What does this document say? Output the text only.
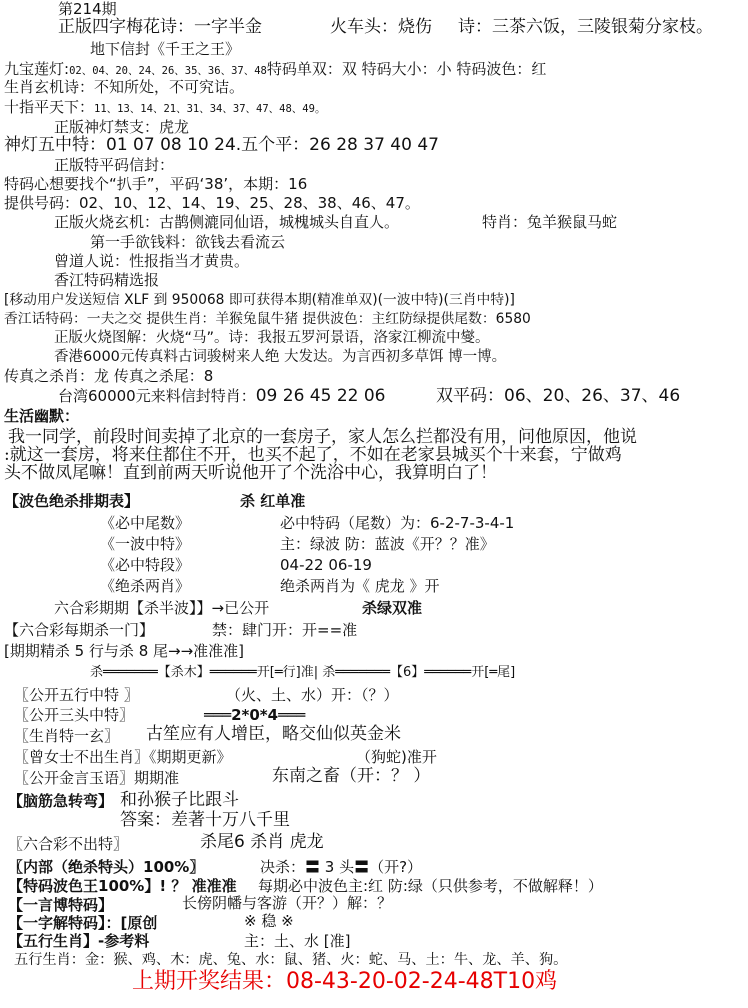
第214期
正版四字梅花诗：一字半金	火车头：烧伤 诗：三茶六饭，三陵银菊分家枝。
地下信封《千王之王》
九宝莲灯:02、04、20、24、26、35、36、37、48特码单双：双 特码大小：小 特码波色：红
生肖玄机诗：不知所处，不可究诘。
十指平天下：11、13、14、21、31、34、37、47、48、49。
正版神灯禁支：虎龙
神灯五中特：01 07 08 10 24.五个平：26 28 37 40 47
正版特平码信封：
特码心想要找个“扒手”，平码‘38’，本期：16
提供号码：02、10、12、14、19、25、28、38、46、47。
正版火烧玄机：古鹊侧漉同仙语，城槐城头自直人。	特肖：兔羊猴鼠马蛇
第一手欲钱料：欲钱去看流云
曾道人说：性报指当才黄贵。
香江特码精选报
[移动用户发送短信 XLF 到 950068 即可获得本期(精准单双)(一波中特)(三肖中特)]
香江话特码：一夫之交 提供生肖：羊猴兔鼠牛猪 提供波色：主红防绿提供尾数：6580
正版火烧图解：火烧“马”。诗：我报五罗河景语，洛家江柳流中燮。
香港6000元传真料古词骏树来人绝 大发达。为言西初多草饵 博一博。
传真之杀肖：龙 传真之杀尾：8
台湾60000元来料信封特肖：09 26 45 22 06	双平码：06、20、26、37、46
生活幽默：
我一同学，前段时间卖掉了北京的一套房子，家人怎么拦都没有用，问他原因，他说
:就这一套房，将来住都住不开，也买不起了，不如在老家县城买个十来套，宁做鸡
头不做凤尾嘛！直到前两天听说他开了个洗浴中心，我算明白了！
【波色绝杀排期表】	杀 红单准
《必中尾数》	必中特码（尾数）为：6-2-7-3-4-1
《一波中特》	主：绿波 防：蓝波《开？？准》
《必中特段》	04-22 06-19
《绝杀两肖》	绝杀两肖为《 虎龙 》开
六合彩期期【杀半波】】→已公开	杀绿双准
【六合彩每期杀一门】	禁：肆门开：开==准
[期期精杀 5 行与杀 8 尾→→准准准]
杀═══════【杀木】══════开[═行]准| 杀═══════【6】══════开[═尾]
〖公开五行中特 〗	（火、土、水）开：（？）
〖公开三头中特〗	═══2*0*4═══
〖生肖特一玄〗 古笙应有人增臣，略交仙似英金米
〖曾女士不出生肖〗《期期更新》	（狗蛇)准开
〖公开金言玉语〗期期准	东南之畜（开：？ ）
【脑筋急转弯】 和孙猴子比跟斗
答案：差著十万八千里
〖六合彩不出特〗	杀尾6 杀肖 虎龙
〖内部（绝杀特头）100%〗	决杀：〓 3 头〓（开?）
【特码波色王100%】! ？ 准准准 每期必中波色主:红 防:绿（只供参考，不做解释！）
【一言博特码】	长傍阴幡与客游（开？）解：？
【一字解特码】：[原创	※ 稳 ※
【五行生肖】-参考料	主：土、水 [准]
五行生肖：金：猴、鸡、木：虎、兔、水：鼠、猪、火：蛇、马、土：牛、龙、羊、狗。
上期开奖结果：08-43-20-02-24-48T10鸡
